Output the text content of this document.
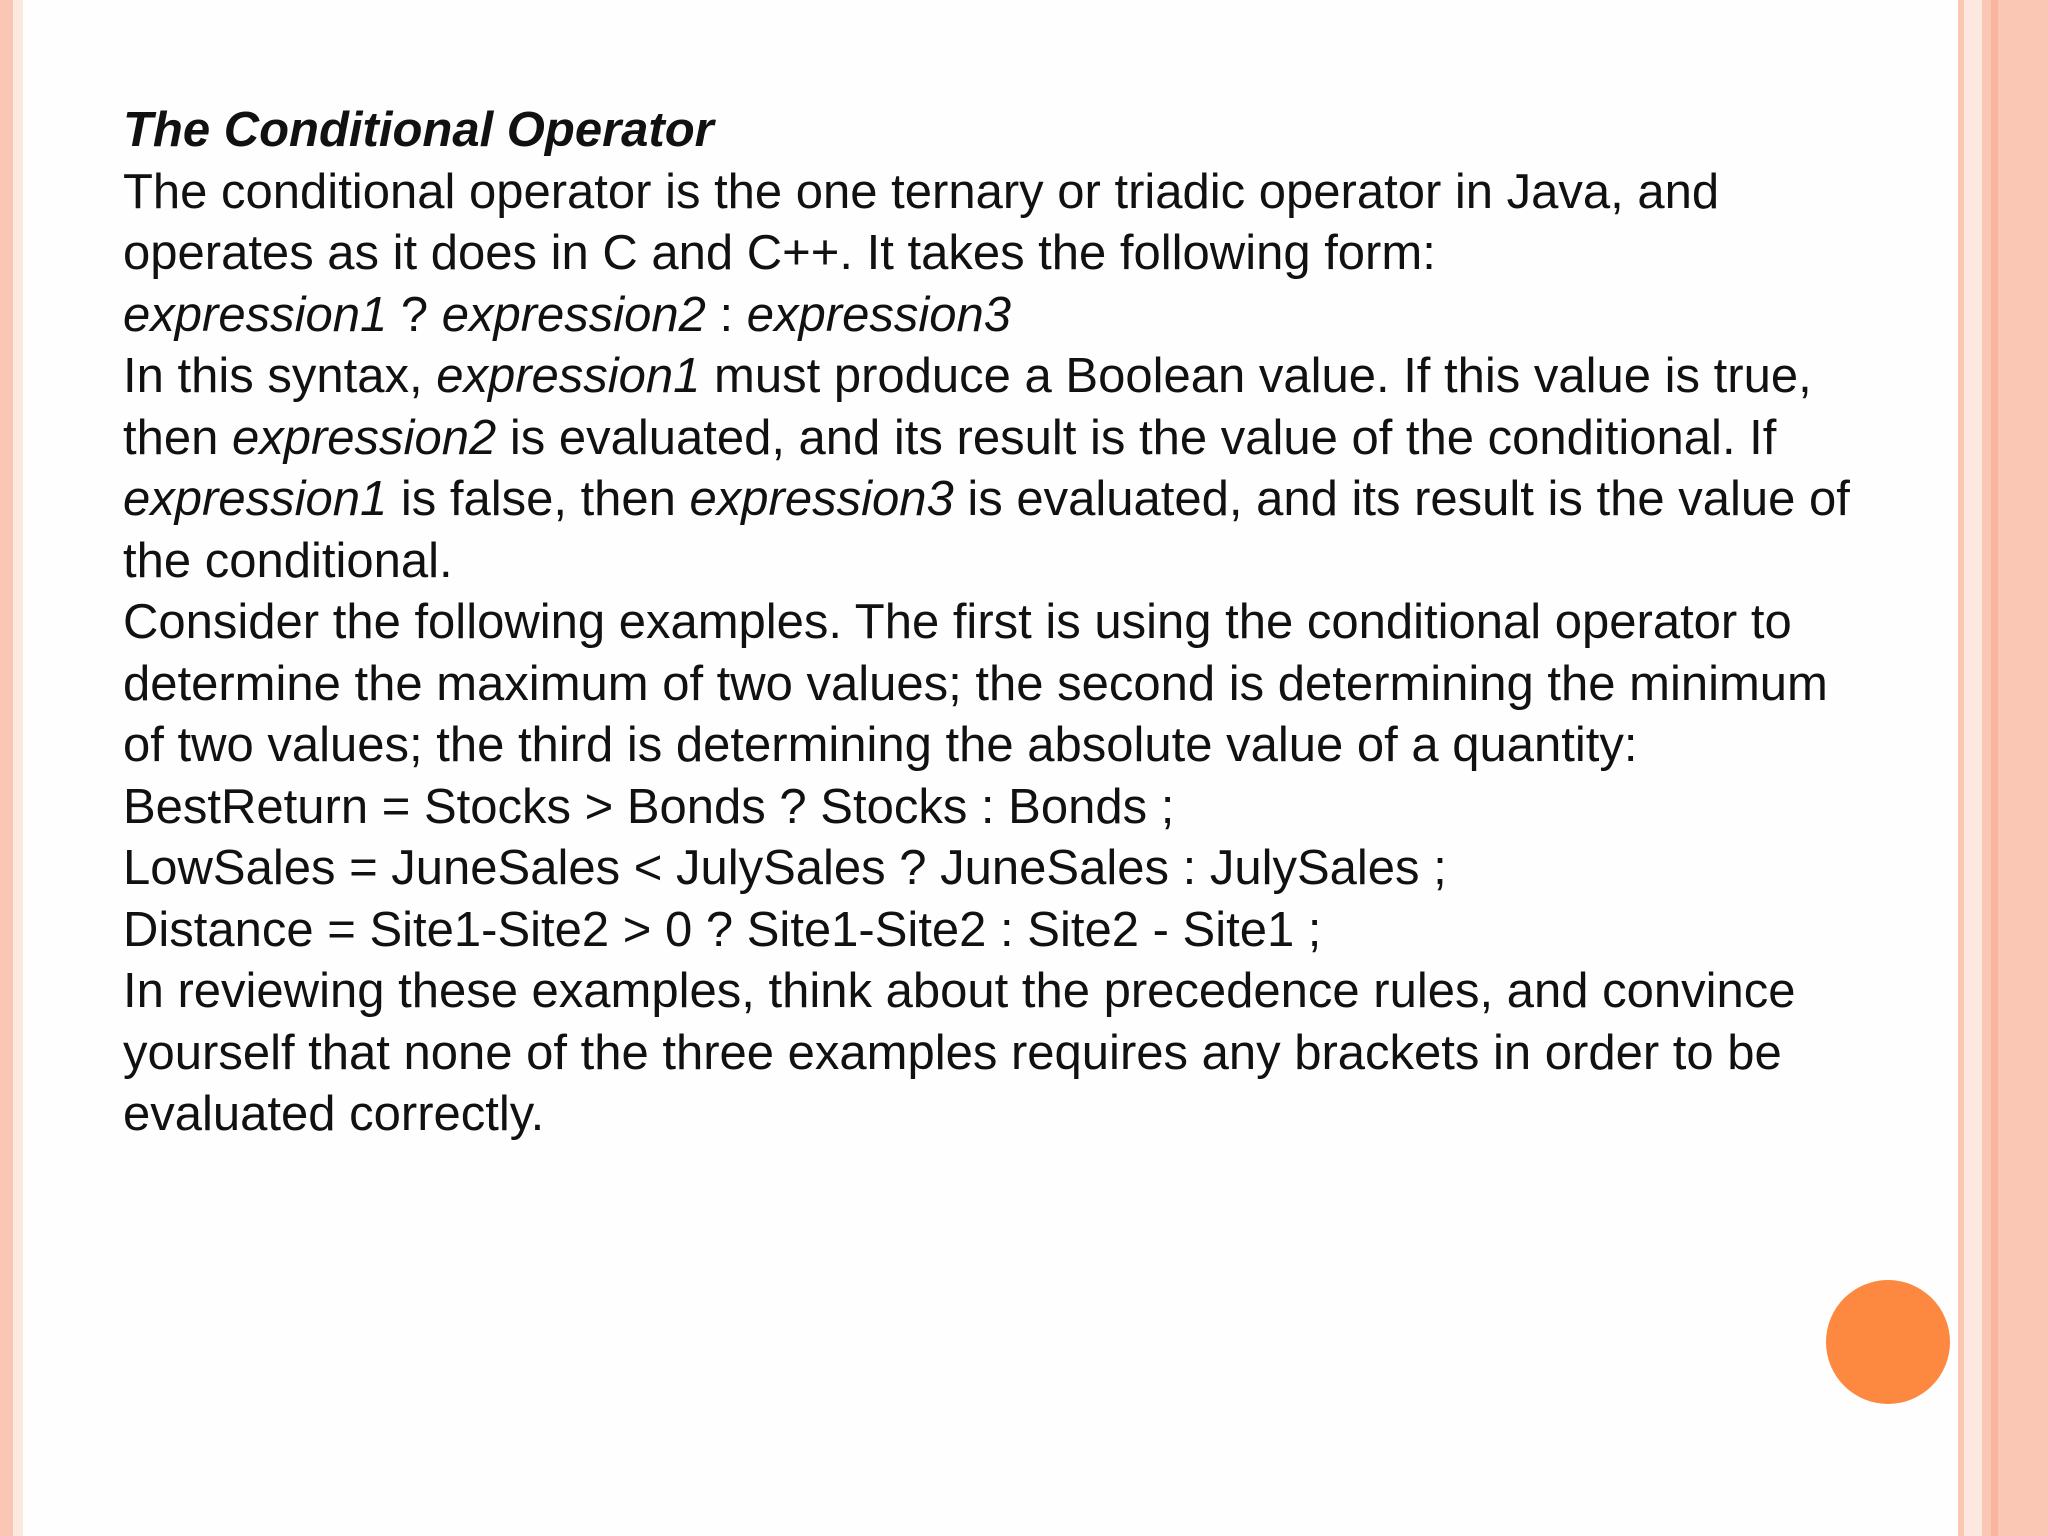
The Conditional Operator
The conditional operator is the one ternary or triadic operator in Java, and
operates as it does in C and C++. It takes the following form:
expression1 ? expression2 : expression3
In this syntax, expression1 must produce a Boolean value. If this value is true,
then expression2 is evaluated, and its result is the value of the conditional. If
expression1 is false, then expression3 is evaluated, and its result is the value of
the conditional.
Consider the following examples. The first is using the conditional operator to
determine the maximum of two values; the second is determining the minimum
of two values; the third is determining the absolute value of a quantity:
BestReturn = Stocks > Bonds ? Stocks : Bonds ;
LowSales = JuneSales < JulySales ? JuneSales : JulySales ;
Distance = Site1-Site2 > 0 ? Site1-Site2 : Site2 - Site1 ;
In reviewing these examples, think about the precedence rules, and convince
yourself that none of the three examples requires any brackets in order to be
evaluated correctly.
